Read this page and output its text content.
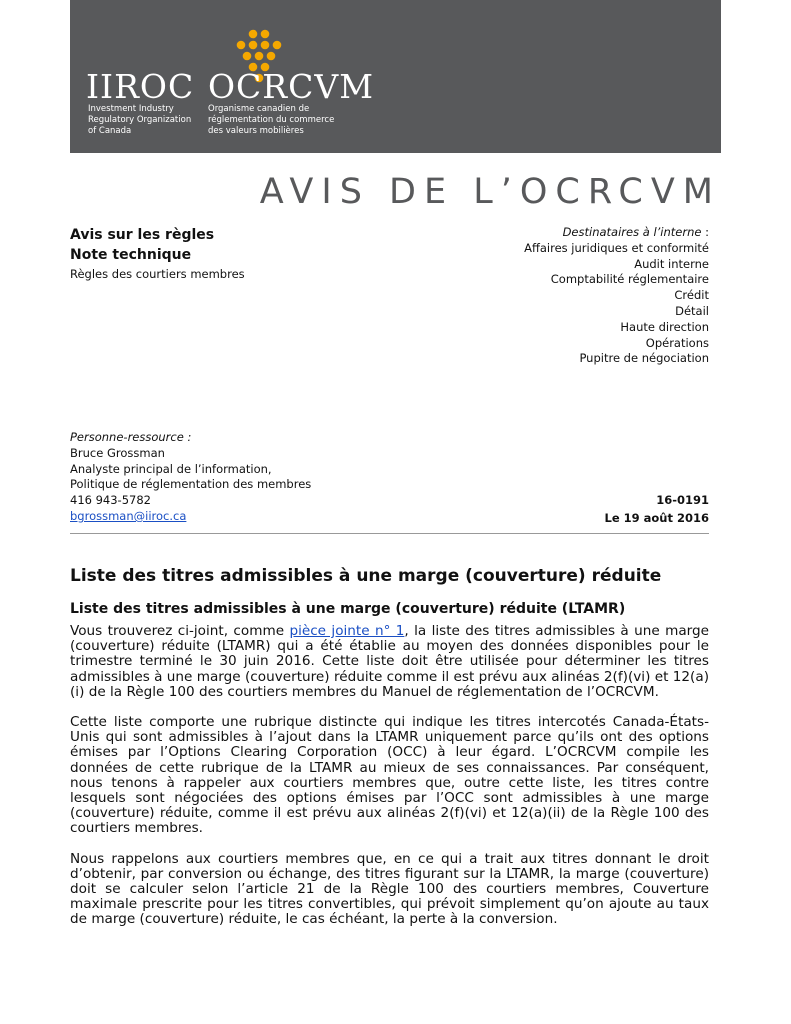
IIROC OCRCVM
Investment Industry
Regulatory Organization
of Canada
Organisme canadien de
réglementation du commerce
des valeurs mobilières
AVIS DE L’OCRCVM
Avis sur les règles
Note technique
Règles des courtiers membres
Destinataires à l’interne :
Affaires juridiques et conformité
Audit interne
Comptabilité réglementaire
Crédit
Détail
Haute direction
Opérations
Pupitre de négociation
Personne-ressource :
Bruce Grossman
Analyste principal de l’information,
Politique de réglementation des membres
416 943-5782
bgrossman@iiroc.ca
16-0191
Le 19 août 2016
Liste des titres admissibles à une marge (couverture) réduite
Liste des titres admissibles à une marge (couverture) réduite (LTAMR)

Vous trouverez ci-joint, comme pièce jointe n° 1, la liste des titres admissibles à une marge (couverture) réduite (LTAMR) qui a été établie au moyen des données disponibles pour le trimestre terminé le 30 juin 2016. Cette liste doit être utilisée pour déterminer les titres admissibles à une marge (couverture) réduite comme il est prévu aux alinéas 2(f)(vi) et 12(a)(i) de la Règle 100 des courtiers membres du Manuel de réglementation de l’OCRCVM.

Cette liste comporte une rubrique distincte qui indique les titres intercotés Canada-États-Unis qui sont admissibles à l’ajout dans la LTAMR uniquement parce qu’ils ont des options émises par l’Options Clearing Corporation (OCC) à leur égard. L’OCRCVM compile les données de cette rubrique de la LTAMR au mieux de ses connaissances. Par conséquent, nous tenons à rappeler aux courtiers membres que, outre cette liste, les titres contre lesquels sont négociées des options émises par l’OCC sont admissibles à une marge (couverture) réduite, comme il est prévu aux alinéas 2(f)(vi) et 12(a)(ii) de la Règle 100 des courtiers membres.

Nous rappelons aux courtiers membres que, en ce qui a trait aux titres donnant le droit d’obtenir, par conversion ou échange, des titres figurant sur la LTAMR, la marge (couverture) doit se calculer selon l’article 21 de la Règle 100 des courtiers membres, Couverture maximale prescrite pour les titres convertibles, qui prévoit simplement qu’on ajoute au taux de marge (couverture) réduite, le cas échéant, la perte à la conversion.
